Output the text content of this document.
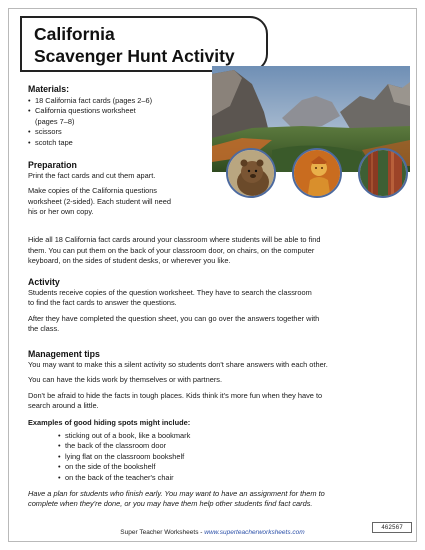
California
Scavenger Hunt Activity
Materials:
• 18 California fact cards (pages 2–6)
• California questions worksheet
(pages 7–8)
• scissors
• scotch tape
Preparation
Print the fact cards and cut them apart.
Make copies of the California questions
worksheet (2-sided). Each student will need
his or her own copy.
Hide all 18 California fact cards around your classroom where students will be able to find
them. You can put them on the back of your classroom door, on chairs, on the computer
keyboard, on the sides of student desks, or wherever you like.
Activity
Students receive copies of the question worksheet. They have to search the classroom
to find the fact cards to answer the questions.
After they have completed the question sheet, you can go over the answers together with
the class.
Management tips
You may want to make this a silent activity so students don't share answers with each other.
You can have the kids work by themselves or with partners.
Don't be afraid to hide the facts in tough places. Kids think it's more fun when they have to
search around a little.
Examples of good hiding spots might include:
• sticking out of a book, like a bookmark
• the back of the classroom door
• lying flat on the classroom bookshelf
• on the side of the bookshelf
• on the back of the teacher's chair
Have a plan for students who finish early. You may want to have an assignment for them to
complete when they're done, or you may have them help other students find fact cards.
Super Teacher Worksheets - www.superteacherworksheets.com
462567
